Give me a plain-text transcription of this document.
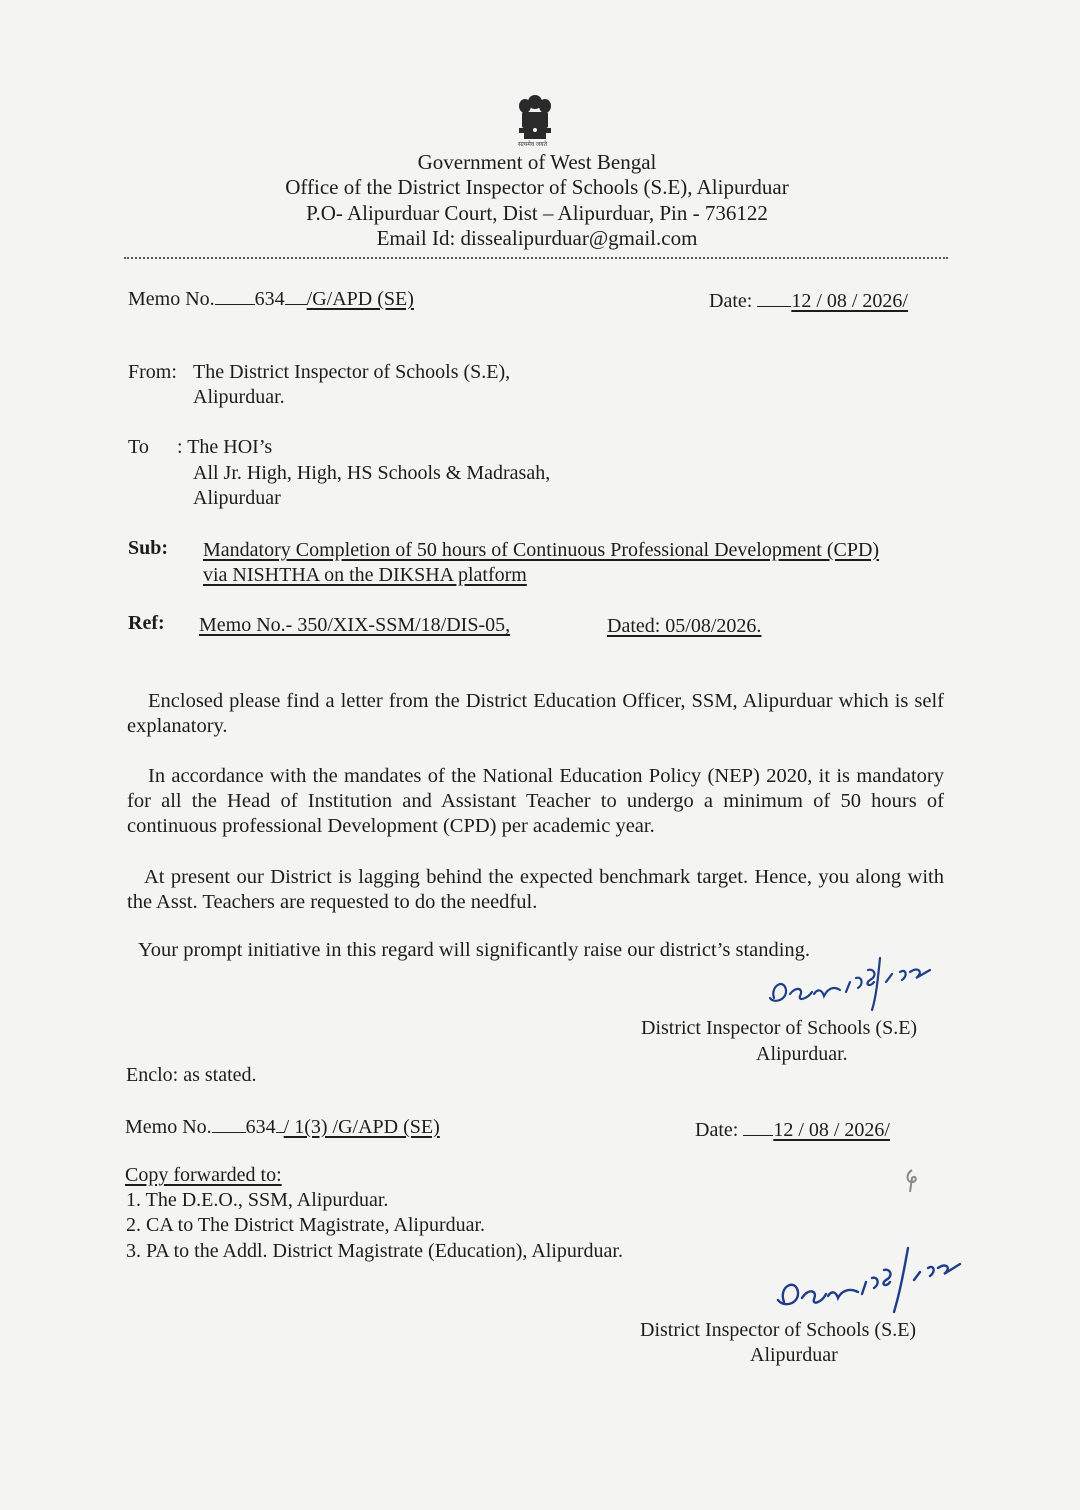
सत्यमेव जयते
Government of West Bengal
Office of the District Inspector of Schools (S.E), Alipurduar
P.O- Alipurduar Court, Dist – Alipurduar, Pin - 736122
Email Id: dissealipurduar@gmail.com
Memo No. 634 /G/APD (SE)	Date: 12 / 08 / 2026/
From: The District Inspector of Schools (S.E),
Alipurduar.
To : The HOI’s
All Jr. High, High, HS Schools & Madrasah,
Alipurduar
Sub: Mandatory Completion of 50 hours of Continuous Professional Development (CPD)
via NISHTHA on the DIKSHA platform
Ref: Memo No.- 350/XIX-SSM/18/DIS-05,	Dated: 05/08/2026.
Enclosed please find a letter from the District Education Officer, SSM, Alipurduar which is self explanatory.
In accordance with the mandates of the National Education Policy (NEP) 2020, it is mandatory for all the Head of Institution and Assistant Teacher to undergo a minimum of 50 hours of continuous professional Development (CPD) per academic year.
At present our District is lagging behind the expected benchmark target. Hence, you along with the Asst. Teachers are requested to do the needful.
Your prompt initiative in this regard will significantly raise our district’s standing.
District Inspector of Schools (S.E)
Alipurduar.
Enclo: as stated.
Memo No. 634 / 1(3) /G/APD (SE)	Date: 12 / 08 / 2026/
Copy forwarded to:
1. The D.E.O., SSM, Alipurduar.
2. CA to The District Magistrate, Alipurduar.
3. PA to the Addl. District Magistrate (Education), Alipurduar.
District Inspector of Schools (S.E)
Alipurduar
